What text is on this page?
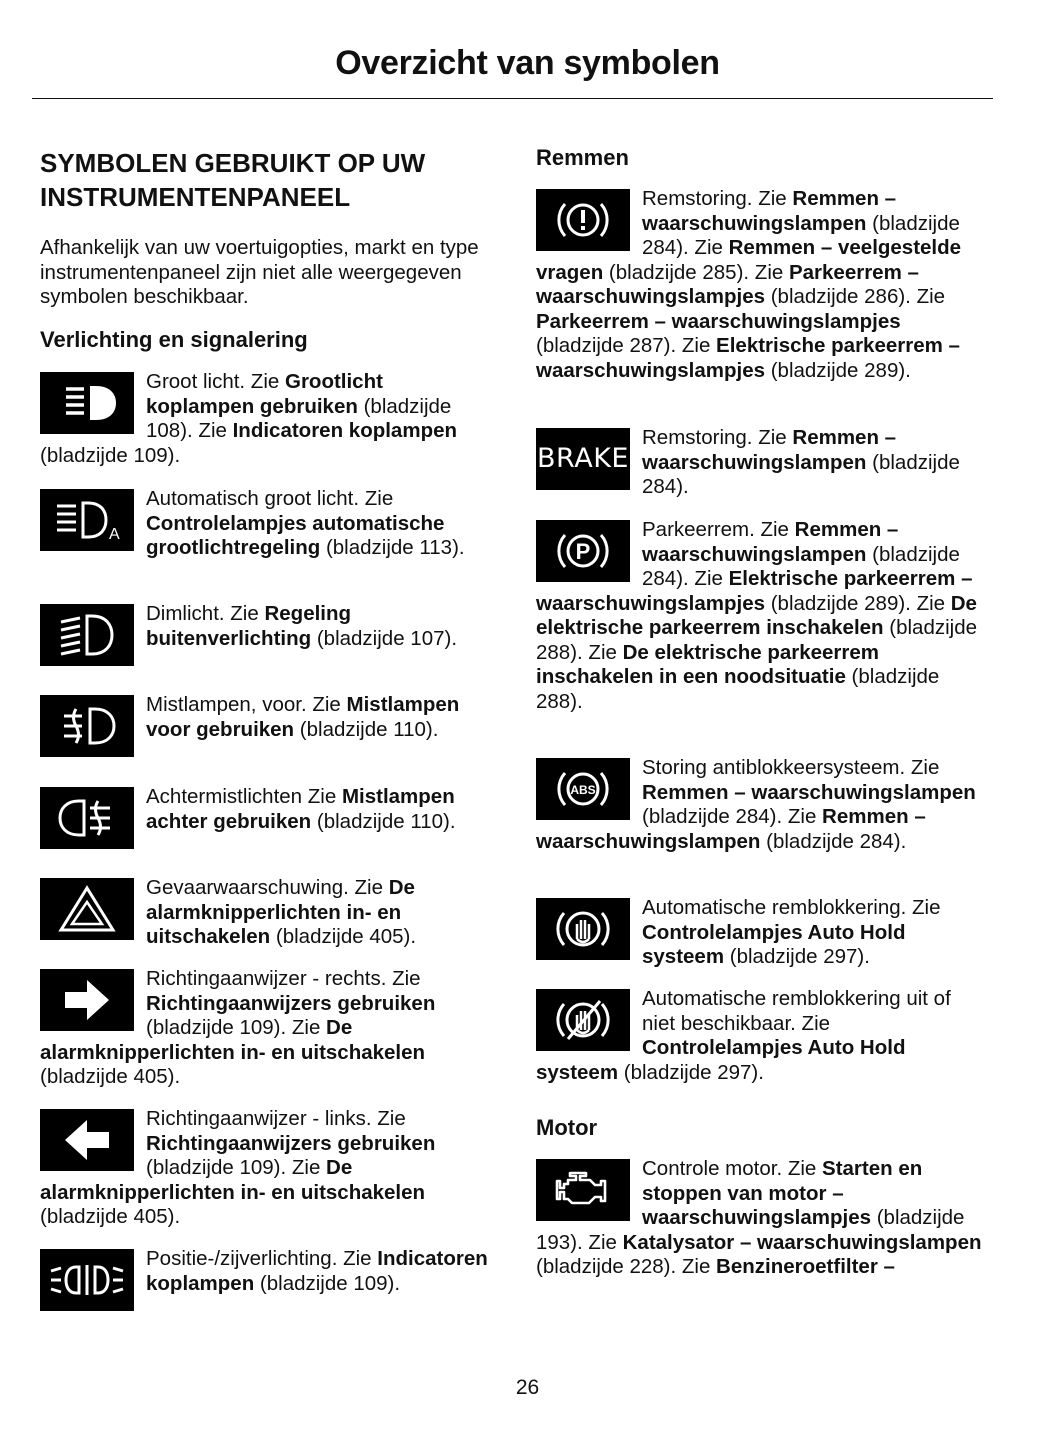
Overzicht van symbolen
SYMBOLEN GEBRUIKT OP UW INSTRUMENTENPANEEL

Afhankelijk van uw voertuigopties, markt en type instrumentenpaneel zijn niet alle weergegeven symbolen beschikbaar.

Verlichting en signalering
Groot licht. Zie Grootlicht koplampen gebruiken (bladzijde 108). Zie Indicatoren koplampen (bladzijde 109).
A
Automatisch groot licht. Zie Controlelampjes automatische grootlichtregeling (bladzijde 113).
Dimlicht. Zie Regeling buitenverlichting (bladzijde 107).
Mistlampen, voor. Zie Mistlampen voor gebruiken (bladzijde 110).
Achtermistlichten Zie Mistlampen achter gebruiken (bladzijde 110).
Gevaarwaarschuwing. Zie De alarmknipperlichten in- en uitschakelen (bladzijde 405).
Richtingaanwijzer - rechts. Zie Richtingaanwijzers gebruiken (bladzijde 109). Zie De alarmknipperlichten in- en uitschakelen (bladzijde 405).
Richtingaanwijzer - links. Zie Richtingaanwijzers gebruiken (bladzijde 109). Zie De alarmknipperlichten in- en uitschakelen (bladzijde 405).
Positie-/zijverlichting. Zie Indicatoren koplampen (bladzijde 109).
Remmen
Remstoring. Zie Remmen – waarschuwingslampen (bladzijde 284). Zie Remmen – veelgestelde vragen (bladzijde 285). Zie Parkeerrem – waarschuwingslampjes (bladzijde 286). Zie Parkeerrem – waarschuwingslampjes (bladzijde 287). Zie Elektrische parkeerrem – waarschuwingslampjes (bladzijde 289).
BRAKE
Remstoring. Zie Remmen – waarschuwingslampen (bladzijde 284).
P
Parkeerrem. Zie Remmen – waarschuwingslampen (bladzijde 284). Zie Elektrische parkeerrem – waarschuwingslampjes (bladzijde 289). Zie De elektrische parkeerrem inschakelen (bladzijde 288). Zie De elektrische parkeerrem inschakelen in een noodsituatie (bladzijde 288).
ABS
Storing antiblokkeersysteem. Zie Remmen – waarschuwingslampen (bladzijde 284). Zie Remmen – waarschuwingslampen (bladzijde 284).
Automatische remblokkering. Zie Controlelampjes Auto Hold systeem (bladzijde 297).
Automatische remblokkering uit of niet beschikbaar. Zie Controlelampjes Auto Hold systeem (bladzijde 297).
Motor
Controle motor. Zie Starten en stoppen van motor – waarschuwingslampjes (bladzijde 193). Zie Katalysator – waarschuwingslampen (bladzijde 228). Zie Benzineroetfilter –
26
